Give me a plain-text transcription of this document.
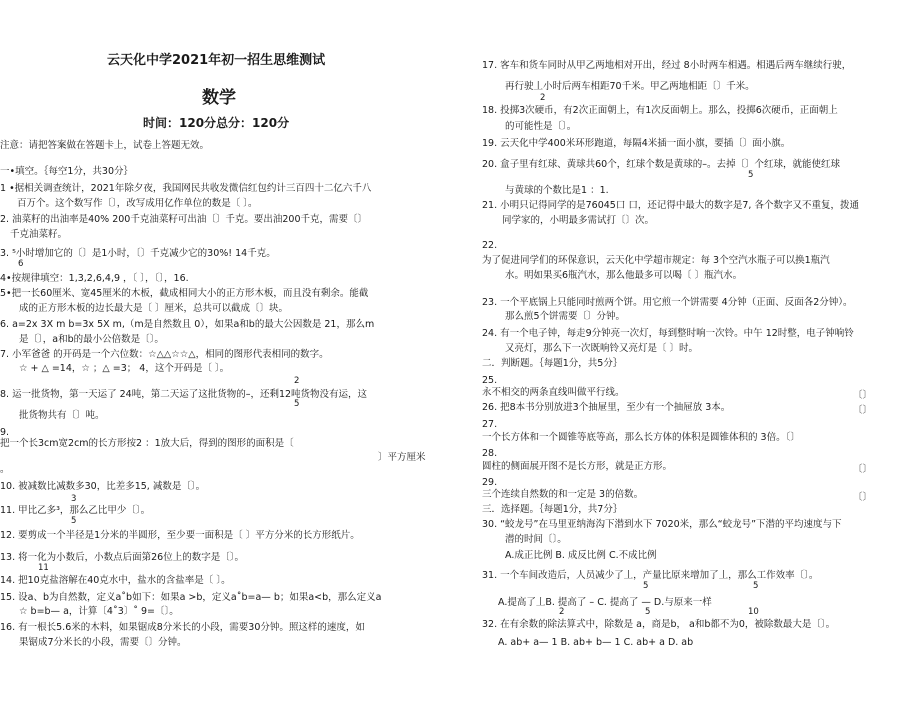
云天化中学2021年初一招生思维测试
数学
时间：120分总分：120分
注意：请把答案做在答题卡上，试卷上答题无效。
一•填空。｛每空1分，共30分｝
1 •据相关调查统计，2021年除夕夜，我国网民共收发微信红包约计三百四十二亿六千八
百万个。这个数写作〔〕，改写成用亿作单位的数是〔 〕。
2. 油菜籽的出油率是40% 200千克油菜籽可出油〔〕千克。要出油200千克，需要〔〕
千克油菜籽。
3. ⁵小时增加它的〔〕是1小时，〔〕千克减少它的30%! 14千克。
6
4•按规律填空：1,3,2,6,4,9 ，〔 〕，〔〕，16.
5•把一长60厘米、宽45厘米的木板，截成相同大小的正方形木板，而且没有剩余。能截
成的正方形木板的边长最大是〔 〕厘米，总共可以截成〔〕块。
6. a=2x 3X m b=3x 5X m,（m是自然数且 0），如果a和b的最大公因数是 21，那么m
是〔〕，a和b的最小公倍数是〔〕。
7. 小军爸爸 的开码是一个六位数：☆△△☆☆△，相同的图形代表相同的数字。
☆ + △ =14，☆ ；△ =3； 4，这个开码是〔 〕。
2
8. 运一批货物，第一天运了 24吨，第二天运了这批货物的–，还剩12吨货物没有运，这
5
批货物共有〔〕吨。
9.
把一个长3cm宽2cm的长方形按2 ：1放大后，得到的图形的面积是〔
〕平方厘米
。
10. 被减数比减数多30，比差多15, 减数是〔〕。
3
11. 甲比乙多³，那么乙比甲少〔〕。
5
12. 要剪成一个半径是1分米的半圆形，至少要一面积是〔 〕平方分米的长方形纸片。
13. 将一化为小数后，小数点后面第26位上的数字是〔〕。
11
14. 把10克盐溶解在40克水中，盐水的含盐率是〔 〕。
15. 设a、b为自然数，定义a˚b如下：如果a >b，定义a˚b=a— b；如果a<b，那么定义a
☆ b=b— a，计算〔4˚3〕˚ 9=〔〕。
16. 有一根长5.6米的木料，如果锯成8分米长的小段，需要30分钟。照这样的速度，如
果锯成7分米长的小段，需要〔〕分钟。
17. 客车和货车同时从甲乙两地相对开出，经过 8小时两车相遇。相遇后两车继续行驶，
再行驶丄小时后两车相距70千米。甲乙两地相距〔〕千米。
2
18. 投掷3次硬币，有2次正面朝上，有1次反面朝上。那么，投掷6次硬币，正面朝上
的可能性是〔〕。
19. 云天化中学400米环形跑道，每隔4米插一面小旗，要插〔〕面小旗。
20. 盒子里有红球、黄球共60个，红球个数是黄球的–。去掉〔〕个红球，就能使红球
5
与黄球的个数比是1 ：1.
21. 小明只记得同学的是76045口 口，还记得中最大的数字是7, 各个数字又不重复，拨通
同学家的，小明最多需试打〔〕次。
22.
为了促进同学们的环保意识，云天化中学超市规定：每 3个空汽水瓶子可以换1瓶汽
水。明如果买6瓶汽水，那么他最多可以喝〔 〕瓶汽水。
23. 一个平底锅上只能同时煎两个饼。用它煎一个饼需要 4分钟（正面、反面各2分钟）。
那么煎5个饼需要〔〕分钟。
24. 有一个电子钟，每走9分钟亮一次灯，每到整时响一次铃。中午 12时整，电子钟响铃
又亮灯，那么下一次既响铃又亮灯是〔 〕时。
二．判断题。｛每题1分，共5分｝
25.
永不相交的两条直线叫做平行线。	〔〕
26. 把8本书分别放进3个抽屉里，至少有一个抽屉放 3本。	〔〕
27.
一个长方体和一个圆锥等底等高，那么长方体的体积是圆锥体积的 3倍。〔〕
28.
圆柱的侧面展开图不是长方形，就是正方形。	〔〕
29.
三个连续自然数的和一定是 3的倍数。	〔〕
三．选择题。｛每题1分，共7分｝
30. “蛟龙号”在马里亚纳海沟下潜到水下 7020米，那么“蛟龙号”下潜的平均速度与下
潜的时间〔〕。
A.成正比例 B. 成反比例 C.不成比例
31. 一个车间改造后，人员减少了丄，产量比原来增加了丄，那么工作效率〔〕。
5	5
A.提高了丄B. 提高了 – C. 提高了 — D.与原来一样
2	5	10
32. 在有余数的除法算式中，除数是 a，商是b， a和b都不为0，被除数最大是〔〕。
A. ab+ a— 1 B. ab+ b— 1 C. ab+ a D. ab
